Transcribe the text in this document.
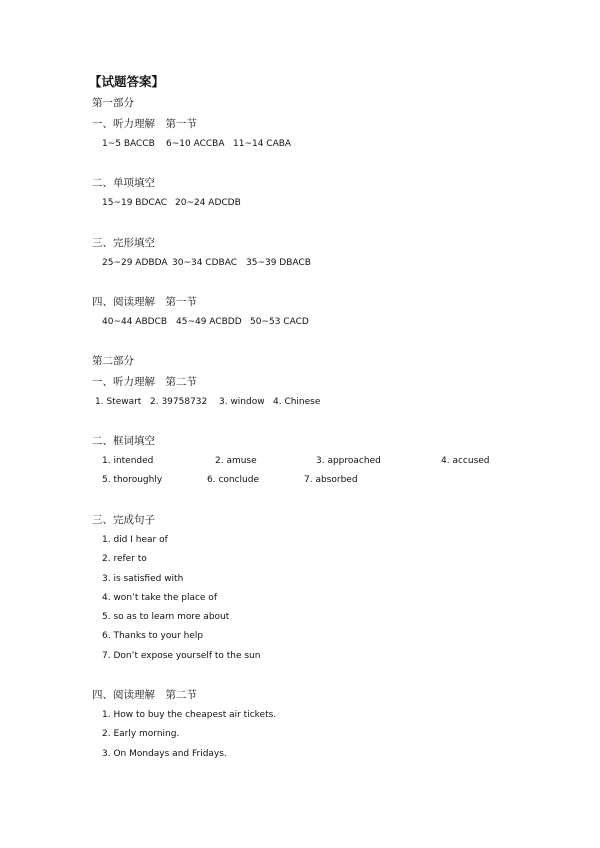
【试题答案】
第一部分
一、听力理解　第一节
1~5 BACCB 6~10 ACCBA 11~14 CABA
二、单项填空
15~19 BDCAC 20~24 ADCDB
三、完形填空
25~29 ADBDA 30~34 CDBAC 35~39 DBACB
四、阅读理解　第一节
40~44 ABDCB 45~49 ACBDD 50~53 CACD
第二部分
一、听力理解　第二节
1. Stewart 2. 39758732 3. window 4. Chinese
二、框词填空
1. intended	2. amuse	3. approached	4. accused
5. thoroughly	6. conclude	7. absorbed
三、完成句子
1. did I hear of
2. refer to
3. is satisfied with
4. won’t take the place of
5. so as to learn more about
6. Thanks to your help
7. Don’t expose yourself to the sun
四、阅读理解　第二节
1. How to buy the cheapest air tickets.
2. Early morning.
3. On Mondays and Fridays.
